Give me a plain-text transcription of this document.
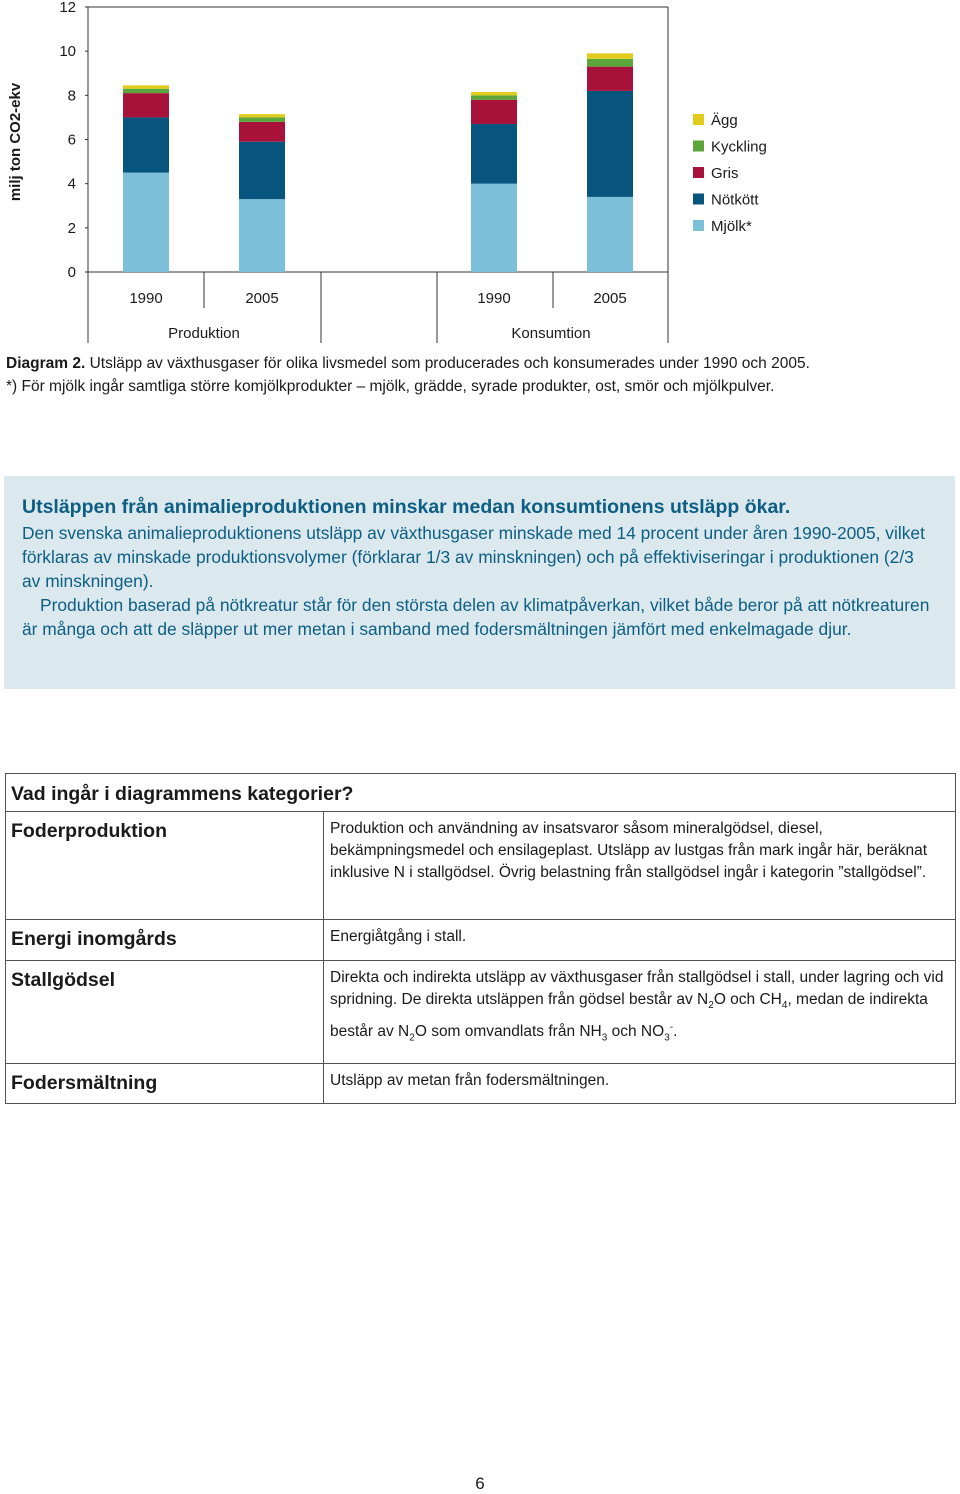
0
2
4
6
8
10
12
1990	2005
Produktion
1990	2005
Konsumtion
Ägg
Kyckling
Gris
Nötkött
Mjölk*
milj ton CO2-ekv
Diagram 2. Utsläpp av växthusgaser för olika livsmedel som producerades och konsumerades under 1990 och 2005.
*) För mjölk ingår samtliga större komjölkprodukter – mjölk, grädde, syrade produkter, ost, smör och mjölkpulver.
Utsläppen från animalieproduktionen minskar medan konsumtionens utsläpp ökar.

Den svenska animalieproduktionens utsläpp av växthusgaser minskade med 14 procent under åren 1990-2005, vilket förklaras av minskade produktionsvolymer (förklarar 1/3 av minskningen) och på effektiviseringar i produktionen (2/3 av minskningen).

Produktion baserad på nötkreatur står för den största delen av klimatpåverkan, vilket både beror på att nötkreaturen är många och att de släpper ut mer metan i samband med fodersmältningen jämfört med enkelmagade djur.

Vad ingår i diagrammens kategorier?	
Foderproduktion	Produktion och användning av insatsvaror såsom mineralgödsel, diesel, bekämpningsmedel och ensilageplast. Utsläpp av lustgas från mark ingår här, beräknat inklusive N i stallgödsel. Övrig belastning från stallgödsel ingår i kategorin ”stallgödsel”.
Energi inomgårds	Energiåtgång i stall.
Stallgödsel	Direkta och indirekta utsläpp av växthusgaser från stallgödsel i stall, under lagring och vid spridning. De direkta utsläppen från gödsel består av $N_2O$ och $CH_4$, medan de indirekta består av $N_2O$ som omvandlats från $NH_3$ och $NO_3^-$.
Fodersmältning	Utsläpp av metan från fodersmältningen.
6
